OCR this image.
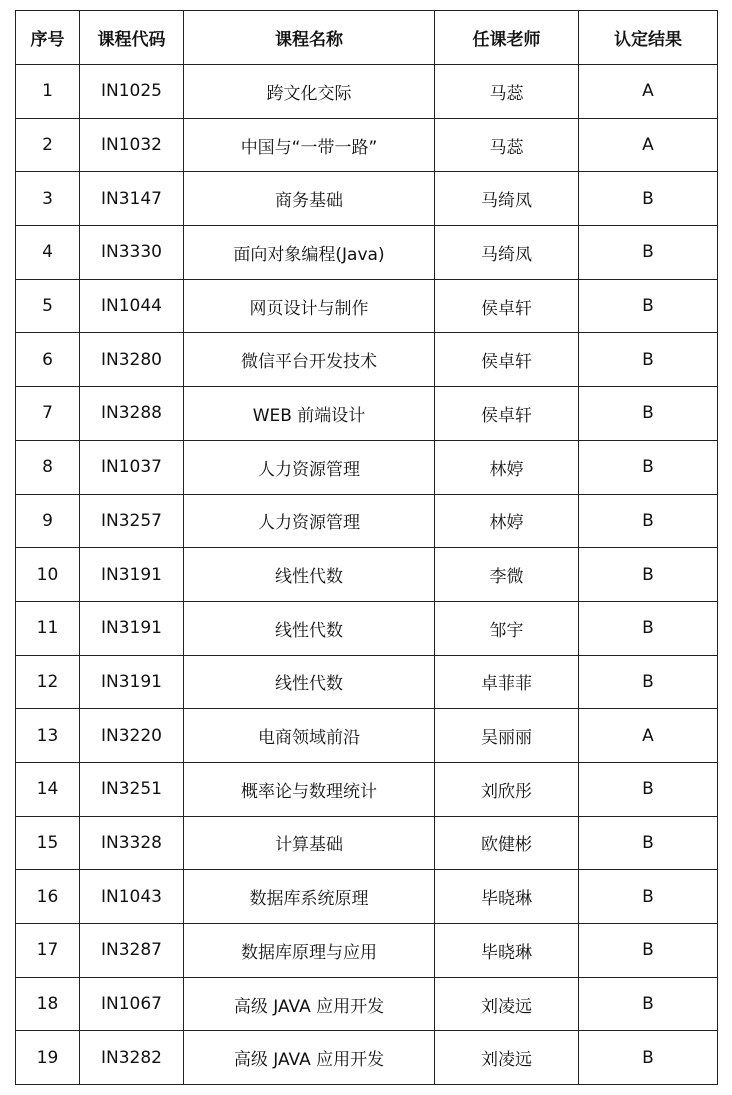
序号	课程代码	课程名称	任课老师	认定结果
1	IN1025	跨文化交际	马蕊	A
2	IN1032	中国与“一带一路”	马蕊	A
3	IN3147	商务基础	马绮凤	B
4	IN3330	面向对象编程(Java)	马绮凤	B
5	IN1044	网页设计与制作	侯卓轩	B
6	IN3280	微信平台开发技术	侯卓轩	B
7	IN3288	WEB 前端设计	侯卓轩	B
8	IN1037	人力资源管理	林婷	B
9	IN3257	人力资源管理	林婷	B
10	IN3191	线性代数	李微	B
11	IN3191	线性代数	邹宇	B
12	IN3191	线性代数	卓菲菲	B
13	IN3220	电商领域前沿	吴丽丽	A
14	IN3251	概率论与数理统计	刘欣彤	B
15	IN3328	计算基础	欧健彬	B
16	IN1043	数据库系统原理	毕晓琳	B
17	IN3287	数据库原理与应用	毕晓琳	B
18	IN1067	高级 JAVA 应用开发	刘凌远	B
19	IN3282	高级 JAVA 应用开发	刘凌远	B
